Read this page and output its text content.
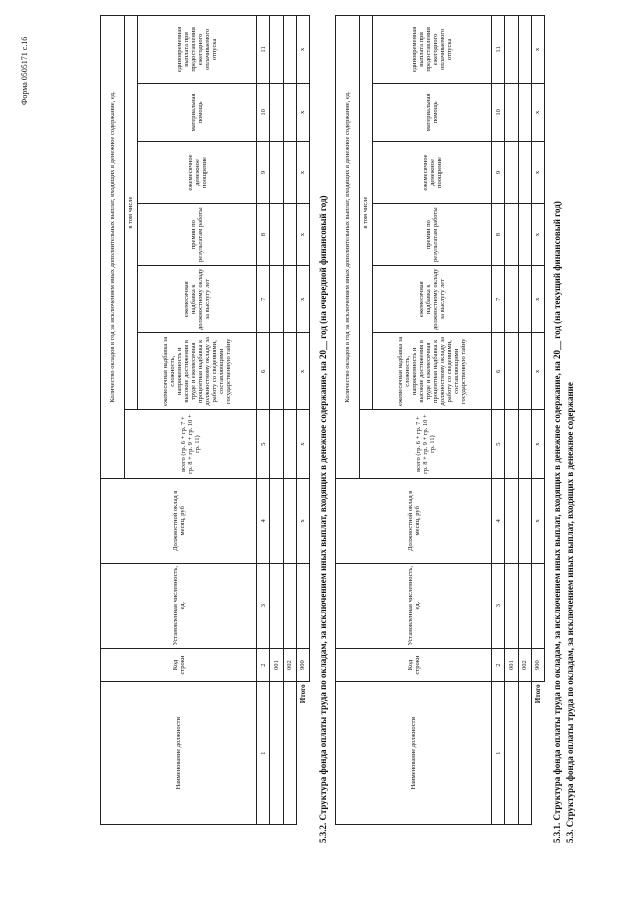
5.3. Структура фонда оплаты труда по окладам, за исключением иных выплат, входящих в денежное содержание
5.3.1. Структура фонда оплаты труда по окладам, за исключением иных выплат, входящих в денежное содержание, на 20__ год (на текущий финансовый год)
Наименование должности	Код строки	Установленная численность, ед.	Должностной оклад в месяц, руб	Количество окладов в год за исключением иных дополнительных выплат, входящих в денежное содержание, ед.						
				всего (гр. 6 + гр. 7 + гр. 8 + гр. 9 + гр. 10 + гр. 11)	в том числе					
					ежемесячная надбавка за сложность, напряженность и высокие достижения в труде и ежемесячная процентная надбавка к должностному окладу за работу со сведениями, составляющими государственную тайну	ежемесячная надбавка к должностному окладу за выслугу лет	премии по результатам работы	ежемесячное денежное поощрение	материальная помощь	единовременная выплата при предоставлении ежегодного оплачиваемого отпуска
1	2	3	4	5	6	7	8	9	10	11
	001									
	002									
Итого	900		x	x	x	x	x	x	x	x
5.3.2. Структура фонда оплаты труда по окладам, за исключением иных выплат, входящих в денежное содержание, на 20__ год (на очередной финансовый год)
Наименование должности	Код строки	Установленная численность, ед.	Должностной оклад в месяц, руб	Количество окладов в год за исключением иных дополнительных выплат, входящих в денежное содержание, ед.						
				всего (гр. 6 + гр. 7 + гр. 8 + гр. 9 + гр. 10 + гр. 11)	в том числе					
					ежемесячная надбавка за сложность, напряженность и высокие достижения в труде и ежемесячная процентная надбавка к должностному окладу за работу со сведениями, составляющими государственную тайну	ежемесячная надбавка к должностному окладу за выслугу лет	премии по результатам работы	ежемесячное денежное поощрение	материальная помощь	единовременная выплата при предоставлении ежегодного оплачиваемого отпуска
1	2	3	4	5	6	7	8	9	10	11
	001									
	002									
Итого	900		x	x	x	x	x	x	x	x
Форма 0505171 с.16
